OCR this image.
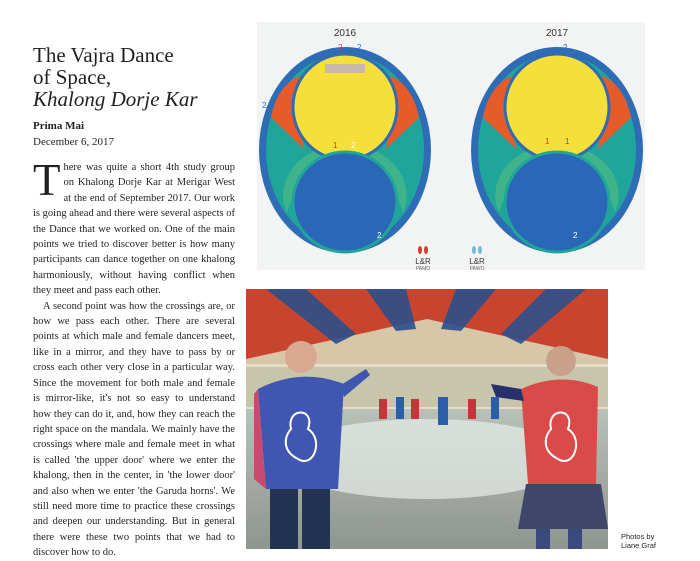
The Vajra Dance
of Space,
Khalong Dorje Kar
Prima Mai
December 6, 2017

There was quite a short 4th study group on Khalong Dorje Kar at Merigar West at the end of September 2017. Our work is going ahead and there were several aspects of the Dance that we worked on. One of the main points we tried to discover better is how many participants can dance together on one khalong harmoniously, without having conflict when they meet and pass each other.

A second point was how the crossings are, or how we pass each other. There are several points at which male and female dancers meet, like in a mirror, and they have to pass by or cross each other very close in a particular way. Since the movement for both male and female is mirror-like, it's not so easy to understand how they can do it, and, how they can reach the right space on the mandala. We mainly have the crossings where male and female meet in what is called 'the upper door' where we enter the khalong, then in the center, in 'the lower door' and also when we enter 'the Garuda horns'. We still need more time to practice these crossings and deepen our understanding. But in general there were these two points that we had to discover how to do.

2016
2 2
2
1 2
2
L&R
PAMO
2017
2
1 1
2
L&R
PAWO
Photos by
Liane Graf
